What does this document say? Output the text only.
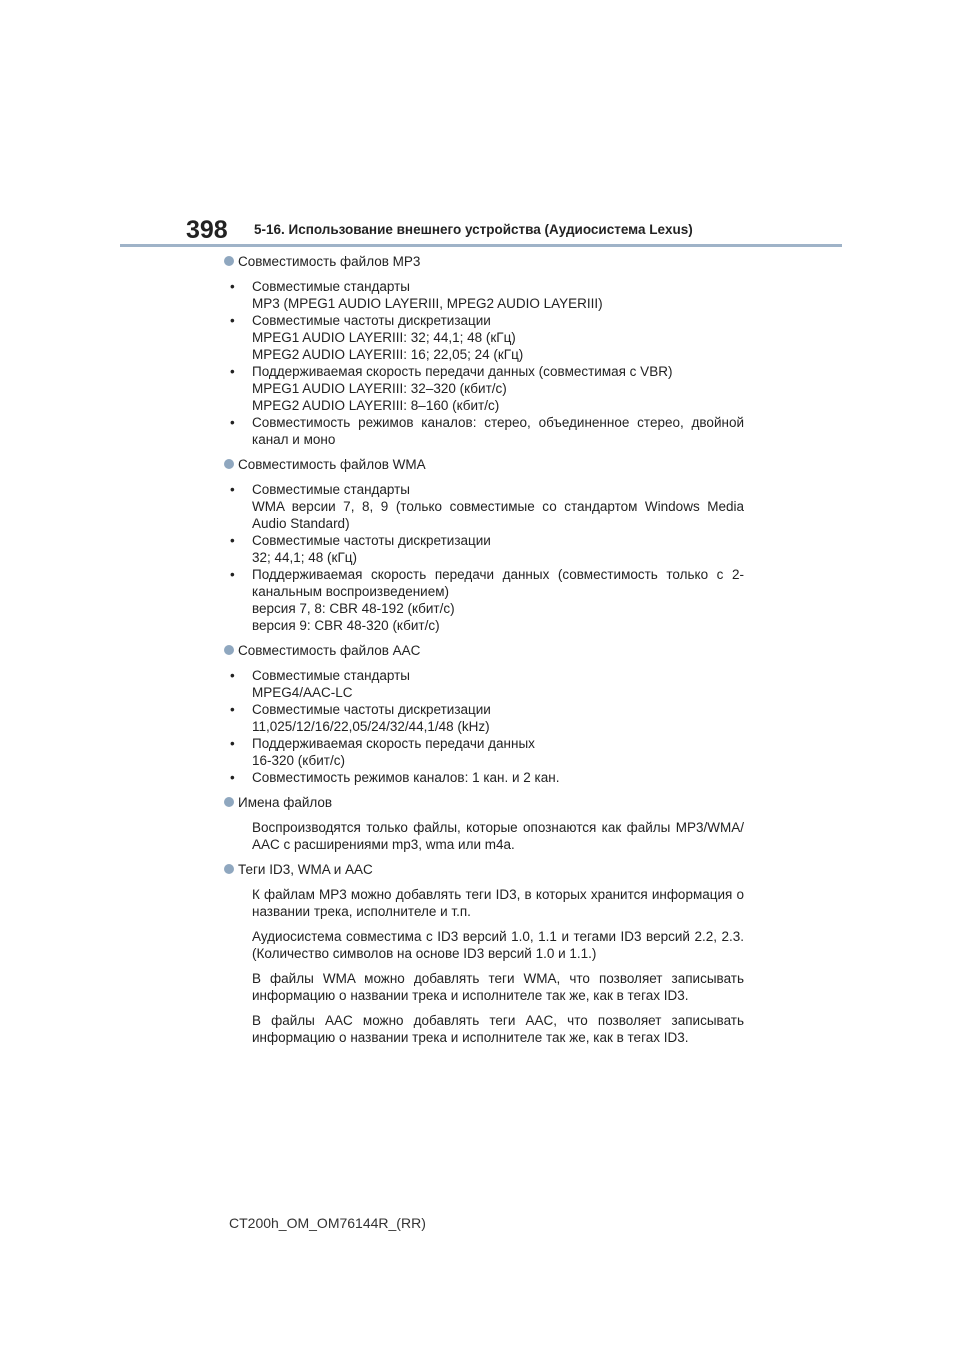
398 5-16. Использование внешнего устройства (Аудиосистема Lexus)
Совместимость файлов MP3
• Совместимые стандарты
MP3 (MPEG1 AUDIO LAYERIII, MPEG2 AUDIO LAYERIII)
• Совместимые частоты дискретизации
MPEG1 AUDIO LAYERIII: 32; 44,1; 48 (кГц)
MPEG2 AUDIO LAYERIII: 16; 22,05; 24 (кГц)
• Поддерживаемая скорость передачи данных (совместимая с VBR)
MPEG1 AUDIO LAYERIII: 32–320 (кбит/с)
MPEG2 AUDIO LAYERIII: 8–160 (кбит/с)
• Совместимость режимов каналов: стерео, объединенное стерео, двойной
канал и моно
Совместимость файлов WMA
• Совместимые стандарты
WMA версии 7, 8, 9 (только совместимые со стандартом Windows Media
Audio Standard)
• Совместимые частоты дискретизации
32; 44,1; 48 (кГц)
• Поддерживаемая скорость передачи данных (совместимость только с 2-
канальным воспроизведением)
версия 7, 8: CBR 48-192 (кбит/с)
версия 9: CBR 48-320 (кбит/с)
Совместимость файлов AAC
• Совместимые стандарты
MPEG4/AAC-LC
• Совместимые частоты дискретизации
11,025/12/16/22,05/24/32/44,1/48 (kHz)
• Поддерживаемая скорость передачи данных
16-320 (кбит/с)
• Совместимость режимов каналов: 1 кан. и 2 кан.
Имена файлов
Воспроизводятся только файлы, которые опознаются как файлы MP3/WMA/
AAC с расширениями mp3, wma или m4a.
Теги ID3, WMA и AAC
К файлам MP3 можно добавлять теги ID3, в которых хранится информация о
названии трека, исполнителе и т.п.
Аудиосистема совместима с ID3 версий 1.0, 1.1 и тегами ID3 версий 2.2, 2.3.
(Количество символов на основе ID3 версий 1.0 и 1.1.)
В файлы WMA можно добавлять теги WMA, что позволяет записывать
информацию о названии трека и исполнителе так же, как в тегах ID3.
В файлы AAC можно добавлять теги AAC, что позволяет записывать
информацию о названии трека и исполнителе так же, как в тегах ID3.
CT200h_OM_OM76144R_(RR)
